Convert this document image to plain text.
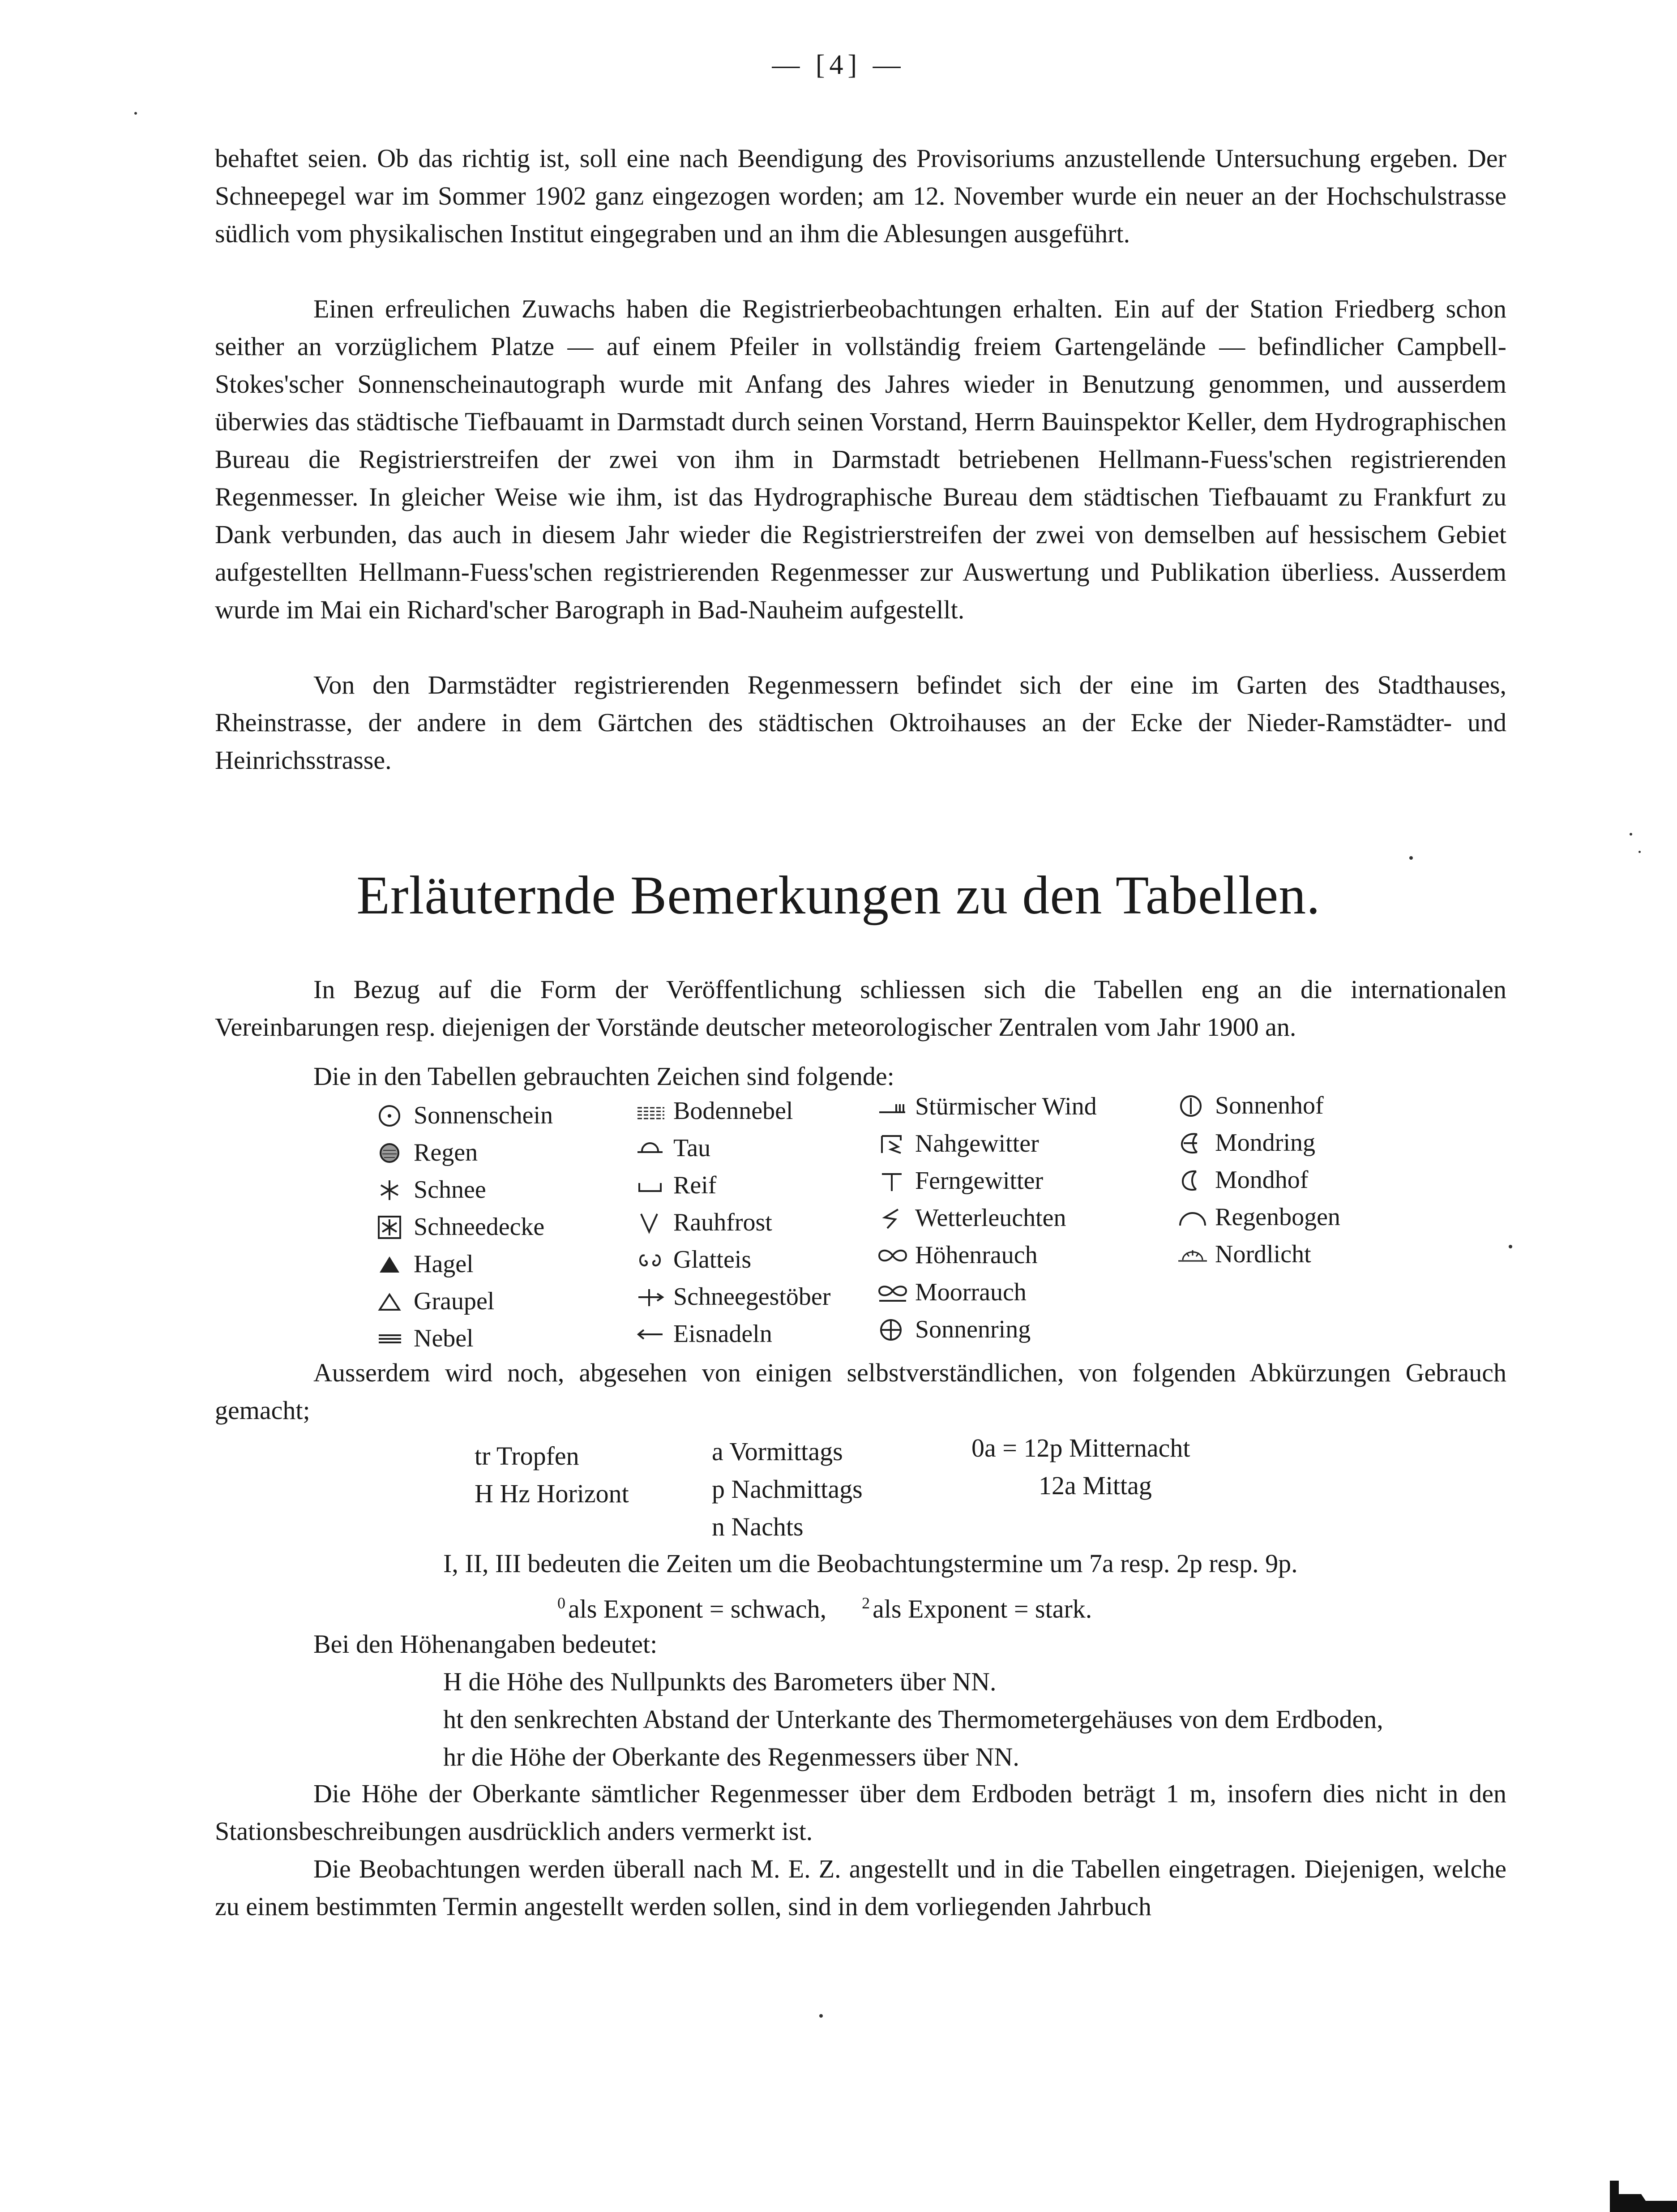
— [4] —

behaftet seien. Ob das richtig ist, soll eine nach Beendigung des Provisoriums anzustellende Untersuchung ergeben. Der Schneepegel war im Sommer 1902 ganz eingezogen worden; am 12. November wurde ein neuer an der Hochschulstrasse südlich vom physikalischen Institut eingegraben und an ihm die Ablesungen ausgeführt.

Einen erfreulichen Zuwachs haben die Registrierbeobachtungen erhalten. Ein auf der Station Friedberg schon seither an vorzüglichem Platze — auf einem Pfeiler in vollständig freiem Gartengelände — befindlicher Campbell-Stokes'scher Sonnenscheinautograph wurde mit Anfang des Jahres wieder in Benutzung genommen, und ausserdem überwies das städtische Tiefbauamt in Darmstadt durch seinen Vorstand, Herrn Bauinspektor Keller, dem Hydrographischen Bureau die Registrierstreifen der zwei von ihm in Darmstadt betriebenen Hellmann-Fuess'schen registrierenden Regenmesser. In gleicher Weise wie ihm, ist das Hydrographische Bureau dem städtischen Tiefbauamt zu Frankfurt zu Dank verbunden, das auch in diesem Jahr wieder die Registrierstreifen der zwei von demselben auf hessischem Gebiet aufgestellten Hellmann-Fuess'schen registrierenden Regenmesser zur Auswertung und Publikation überliess. Ausserdem wurde im Mai ein Richard'scher Barograph in Bad-Nauheim aufgestellt.

Von den Darmstädter registrierenden Regenmessern befindet sich der eine im Garten des Stadthauses, Rheinstrasse, der andere in dem Gärtchen des städtischen Oktroihauses an der Ecke der Nieder-Ramstädter- und Heinrichsstrasse.

Erläuternde Bemerkungen zu den Tabellen.

In Bezug auf die Form der Veröffentlichung schliessen sich die Tabellen eng an die internationalen Vereinbarungen resp. diejenigen der Vorstände deutscher meteorologischer Zentralen vom Jahr 1900 an.

Die in den Tabellen gebrauchten Zeichen sind folgende:
Sonnenschein
Regen
Schnee
Schneedecke
Hagel
Graupel
Nebel
Bodennebel
Tau
Reif
Rauhfrost
Glatteis
Schneegestöber
Eisnadeln
Stürmischer Wind
Nahgewitter
Ferngewitter
Wetterleuchten
Höhenrauch
Moorrauch
Sonnenring
Sonnenhof
Mondring
Mondhof
Regenbogen
Nordlicht

Ausserdem wird noch, abgesehen von einigen selbstverständlichen, von folgenden Abkürzungen Gebrauch gemacht;

tr Tropfen
H Hz Horizont
a Vormittags
p Nachmittags
n Nachts
0a = 12p Mitternacht
12a Mittag
I, II, III bedeuten die Zeiten um die Beobachtungstermine um 7a resp. 2p resp. 9p.
$^0$ als Exponent = schwach, $^2$ als Exponent = stark.
Bei den Höhenangaben bedeutet:
H die Höhe des Nullpunkts des Barometers über NN.
ht den senkrechten Abstand der Unterkante des Thermometergehäuses von dem Erdboden,
hr die Höhe der Oberkante des Regenmessers über NN.

Die Höhe der Oberkante sämtlicher Regenmesser über dem Erdboden beträgt 1 m, insofern dies nicht in den Stationsbeschreibungen ausdrücklich anders vermerkt ist.

Die Beobachtungen werden überall nach M. E. Z. angestellt und in die Tabellen eingetragen. Diejenigen, welche zu einem bestimmten Termin angestellt werden sollen, sind in dem vorliegenden Jahrbuch
